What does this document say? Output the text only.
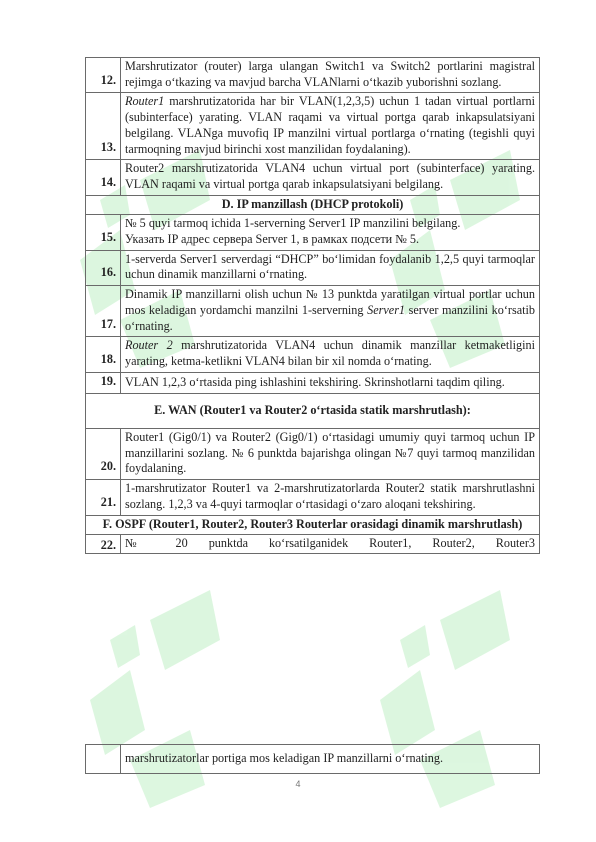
12.	Marshrutizator (router) larga ulangan Switch1 va Switch2 portlarini magistral rejimga o‘tkazing va mavjud barcha VLANlarni o‘tkazib yuborishni sozlang.
13.	Router1 marshrutizatorida har bir VLAN(1,2,3,5) uchun 1 tadan virtual portlarni (subinterface) yarating. VLAN raqami va virtual portga qarab inkapsulatsiyani belgilang. VLANga muvofiq IP manzilni virtual portlarga o‘rnating (tegishli quyi tarmoqning mavjud birinchi xost manzilidan foydalaning).
14.	Router2 marshrutizatorida VLAN4 uchun virtual port (subinterface) yarating. VLAN raqami va virtual portga qarab inkapsulatsiyani belgilang.
D. IP manzillash (DHCP protokoli)	
15.	№ 5 quyi tarmoq ichida 1-serverning Server1 IP manzilini belgilang.
Указать IP адрес сервера Server 1, в рамках подсети № 5.

16.	1-serverda Server1 serverdagi “DHCP” bo‘limidan foydalanib 1,2,5 quyi tarmoqlar uchun dinamik manzillarni o‘rnating.
17.	Dinamik IP manzillarni olish uchun № 13 punktda yaratilgan virtual portlar uchun mos keladigan yordamchi manzilni 1-serverning Server1 server manzilini ko‘rsatib o‘rnating.
18.	Router 2 marshrutizatorida VLAN4 uchun dinamik manzillar ketmaketligini yarating, ketma-ketlikni VLAN4 bilan bir xil nomda o‘rnating.
19.	VLAN 1,2,3 o‘rtasida ping ishlashini tekshiring. Skrinshotlarni taqdim qiling.
E. WAN (Router1 va Router2 o‘rtasida statik marshrutlash):	
20.	Router1 (Gig0/1) va Router2 (Gig0/1) o‘rtasidagi umumiy quyi tarmoq uchun IP manzillarini sozlang. № 6 punktda bajarishga olingan №7 quyi tarmoq manzilidan foydalaning.
21.	1-marshrutizator Router1 va 2-marshrutizatorlarda Router2 statik marshrutlashni sozlang. 1,2,3 va 4-quyi tarmoqlar o‘rtasidagi o‘zaro aloqani tekshiring.
F. OSPF (Router1, Router2, Router3 Routerlar orasidagi dinamik marshrutlash)	
22.	№ 20 punktda ko‘rsatilganidek Router1, Router2, Router3
	marshrutizatorlar portiga mos keladigan IP manzillarni o‘rnating.
4
